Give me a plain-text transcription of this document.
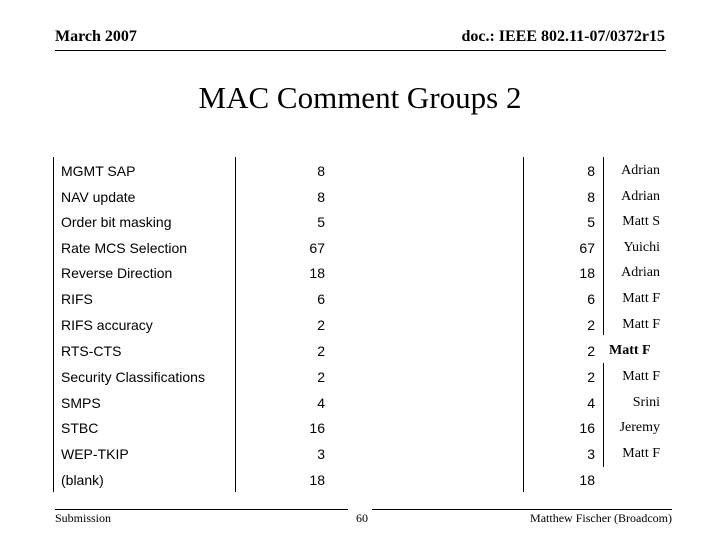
March 2007	doc.: IEEE 802.11-07/0372r15
MAC Comment Groups 2
MGMT SAP	8	8	Adrian
NAV update	8	8	Adrian
Order bit masking	5	5	Matt S
Rate MCS Selection	67	67	Yuichi
Reverse Direction	18	18	Adrian
RIFS	6	6	Matt F
RIFS accuracy	2	2	Matt F
RTS-CTS	2	2 Matt F
Security Classifications	2	2	Matt F
SMPS	4	4	Srini
STBC	16	16	Jeremy
WEP-TKIP	3	3	Matt F
(blank)	18	18
Submission	60	Matthew Fischer (Broadcom)
